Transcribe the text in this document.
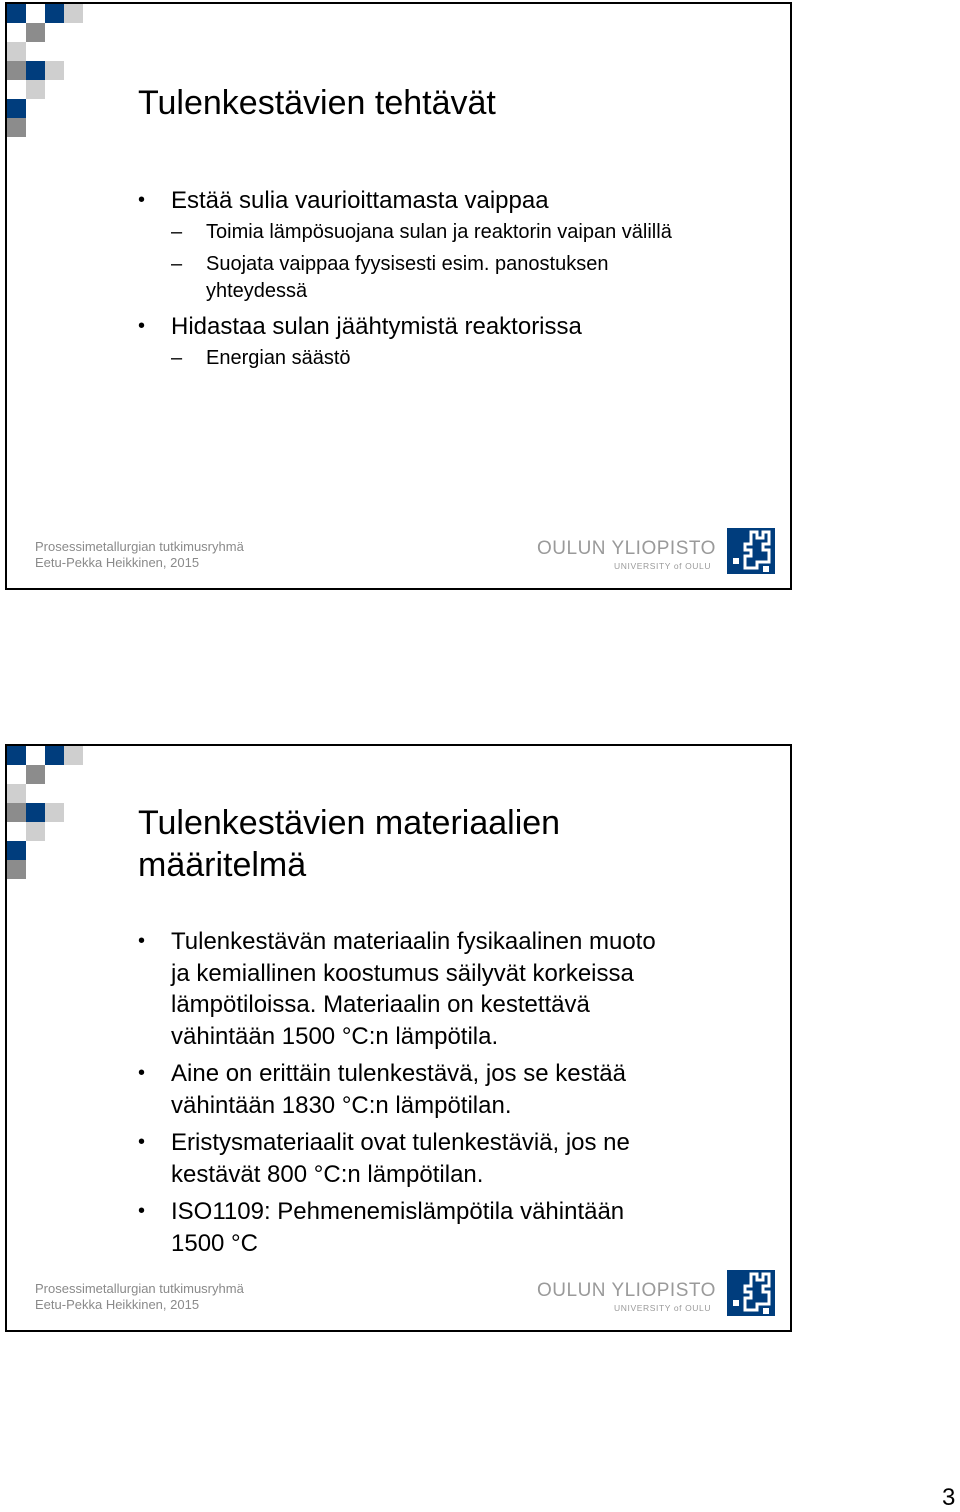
Tulenkestävien tehtävät
• Estää sulia vaurioittamasta vaippaa
– Toimia lämpösuojana sulan ja reaktorin vaipan välillä
– Suojata vaippaa fyysisesti esim. panostuksen yhteydessä
• Hidastaa sulan jäähtymistä reaktorissa
– Energian säästö
Prosessimetallurgian tutkimusryhmä
Eetu-Pekka Heikkinen, 2015
OULUN YLIOPISTO
UNIVERSITY of OULU
Tulenkestävien materiaalien määritelmä
• Tulenkestävän materiaalin fysikaalinen muoto ja kemiallinen koostumus säilyvät korkeissa lämpötiloissa. Materiaalin on kestettävä vähintään 1500 °C:n lämpötila.
• Aine on erittäin tulenkestävä, jos se kestää vähintään 1830 °C:n lämpötilan.
• Eristysmateriaalit ovat tulenkestäviä, jos ne kestävät 800 °C:n lämpötilan.
• ISO1109: Pehmenemislämpötila vähintään 1500 °C
Prosessimetallurgian tutkimusryhmä
Eetu-Pekka Heikkinen, 2015
OULUN YLIOPISTO
UNIVERSITY of OULU
3
